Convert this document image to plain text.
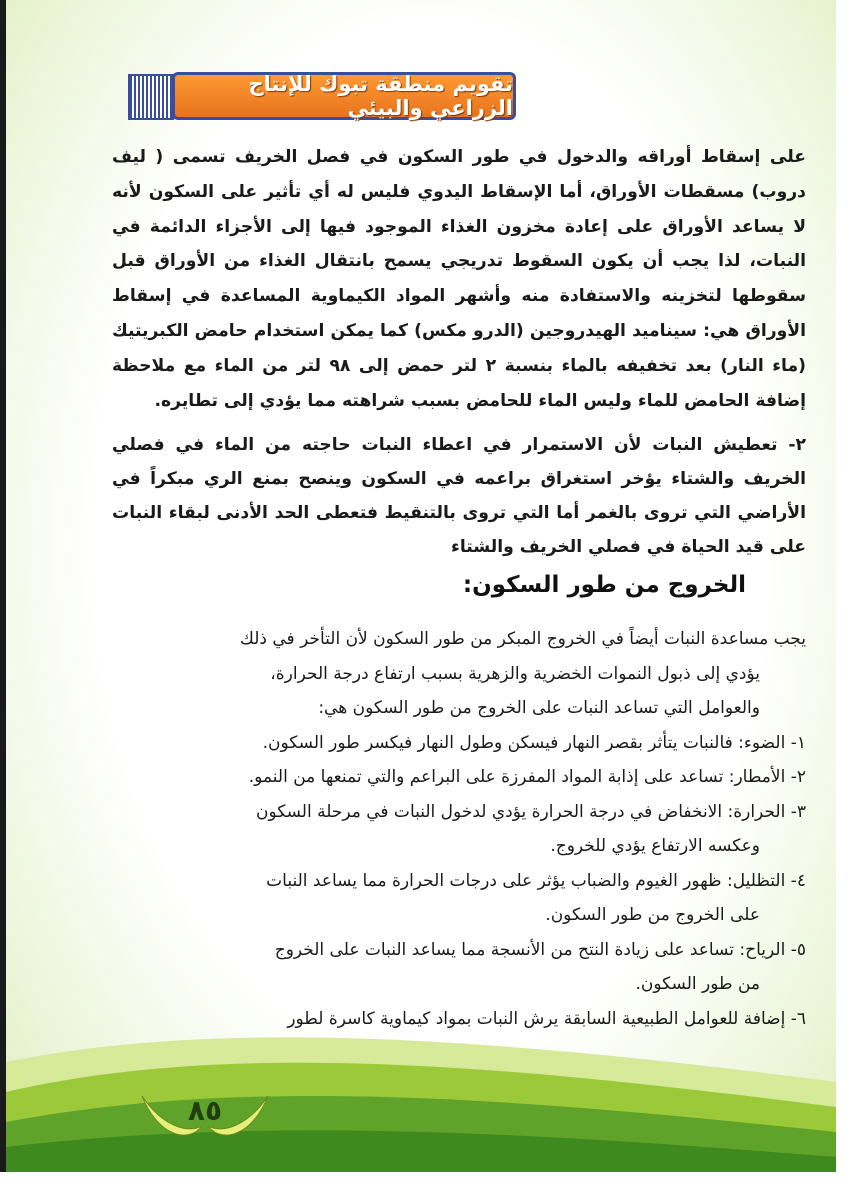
٨٥
تقويم منطقة تبوك للإنتاج الزراعي والبيئي
على إسقاط أوراقه والدخول في طور السكون في فصل الخريف تسمى ( ليف دروب) مسقطات الأوراق، أما الإسقاط اليدوي فليس له أي تأثير على السكون لأنه لا يساعد الأوراق على إعادة مخزون الغذاء الموجود فيها إلى الأجزاء الدائمة في النبات، لذا يجب أن يكون السقوط تدريجي يسمح بانتقال الغذاء من الأوراق قبل سقوطها لتخزينه والاستفادة منه وأشهر المواد الكيماوية المساعدة في إسقاط الأوراق هي: سيناميد الهيدروجين (الدرو مكس) كما يمكن استخدام حامض الكبريتيك (ماء النار) بعد تخفيفه بالماء بنسبة ٢ لتر حمض إلى ٩٨ لتر من الماء مع ملاحظة إضافة الحامض للماء وليس الماء للحامض بسبب شراهته مما يؤدي إلى تطايره.
٢- تعطيش النبات لأن الاستمرار في اعطاء النبات حاجته من الماء في فصلي الخريف والشتاء يؤخر استغراق براعمه في السكون وينصح بمنع الري مبكراً في الأراضي التي تروى بالغمر أما التي تروى بالتنقيط فتعطى الحد الأدنى لبقاء النبات على قيد الحياة في فصلي الخريف والشتاء
الخروج من طور السكون:
يجب مساعدة النبات أيضاً في الخروج المبكر من طور السكون لأن التأخر في ذلك
يؤدي إلى ذبول النموات الخضرية والزهرية بسبب ارتفاع درجة الحرارة،
والعوامل التي تساعد النبات على الخروج من طور السكون هي:
١- الضوء: فالنبات يتأثر بقصر النهار فيسكن وطول النهار فيكسر طور السكون.
٢- الأمطار: تساعد على إذابة المواد المفرزة على البراعم والتي تمنعها من النمو.
٣- الحرارة: الانخفاض في درجة الحرارة يؤدي لدخول النبات في مرحلة السكون
وعكسه الارتفاع يؤدي للخروج.
٤- التظليل: ظهور الغيوم والضباب يؤثر على درجات الحرارة مما يساعد النبات
على الخروج من طور السكون.
٥- الرياح: تساعد على زيادة النتح من الأنسجة مما يساعد النبات على الخروج
من طور السكون.
٦- إضافة للعوامل الطبيعية السابقة يرش النبات بمواد كيماوية كاسرة لطور
